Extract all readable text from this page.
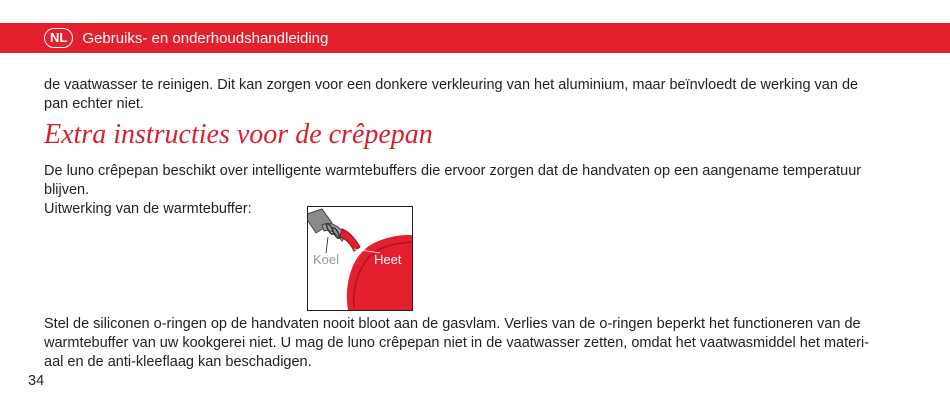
NL	Gebruiks- en onderhoudshandleiding

de vaatwasser te reinigen. Dit kan zorgen voor een donkere verkleuring van het aluminium, maar beïnvloedt de werking van de

pan echter niet.

Extra instructies voor de crêpepan

De luno crêpepan beschikt over intelligente warmtebuffers die ervoor zorgen dat de handvaten op een aangename temperatuur

blijven.

Uitwerking van de warmtebuffer:

Koel	Heet

Stel de siliconen o-ringen op de handvaten nooit bloot aan de gasvlam. Verlies van de o-ringen beperkt het functioneren van de

warmtebuffer van uw kookgerei niet. U mag de luno crêpepan niet in de vaatwasser zetten, omdat het vaatwasmiddel het materi-

aal en de anti-kleeflaag kan beschadigen.

34
